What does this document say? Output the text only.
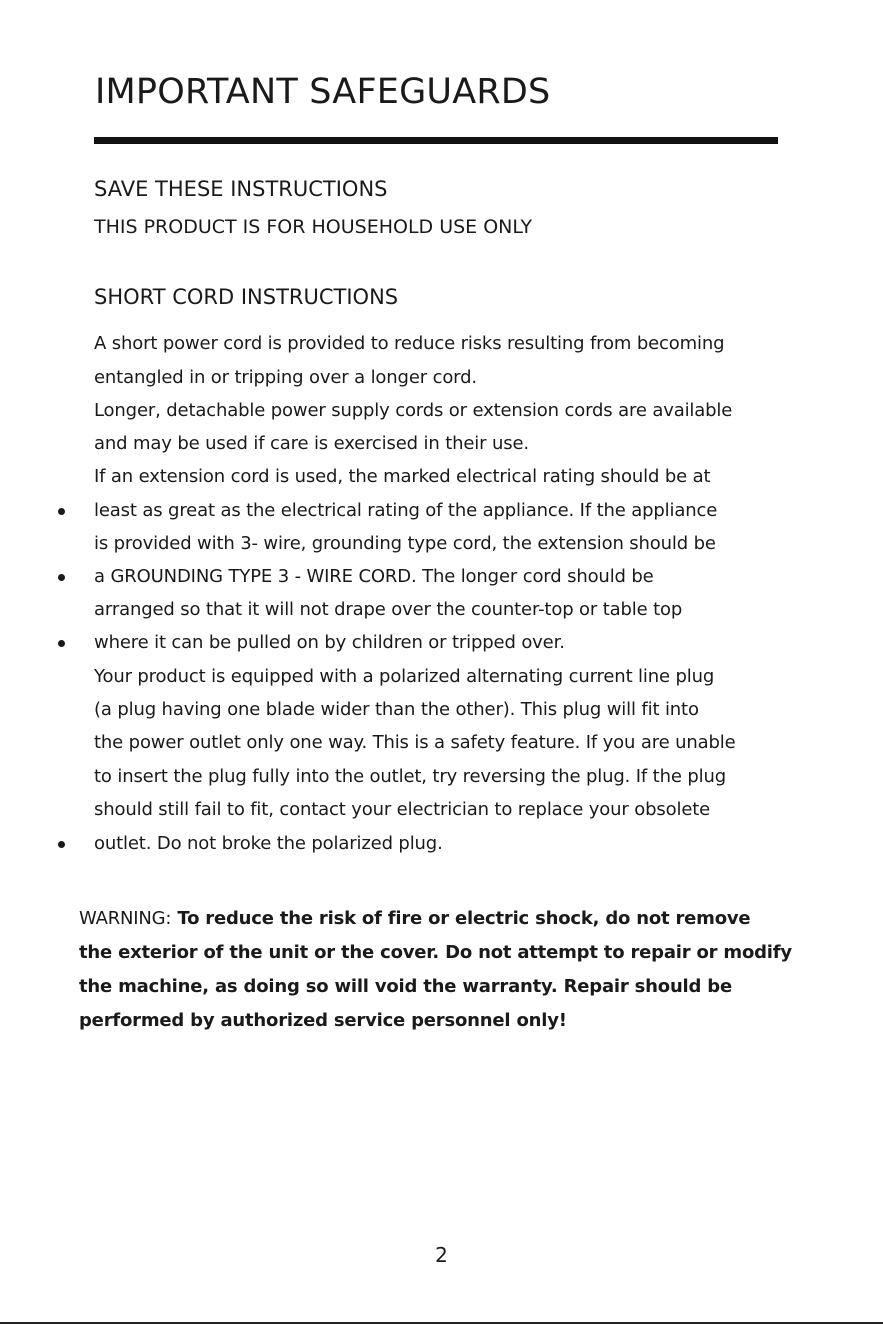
IMPORTANT SAFEGUARDS
SAVE THESE INSTRUCTIONS
THIS PRODUCT IS FOR HOUSEHOLD USE ONLY
SHORT CORD INSTRUCTIONS
A short power cord is provided to reduce risks resulting from becoming
entangled in or tripping over a longer cord.
Longer, detachable power supply cords or extension cords are available
and may be used if care is exercised in their use.
If an extension cord is used, the marked electrical rating should be at
least as great as the electrical rating of the appliance. If the appliance
is provided with 3- wire, grounding type cord, the extension should be
a GROUNDING TYPE 3 - WIRE CORD. The longer cord should be
arranged so that it will not drape over the counter-top or table top
where it can be pulled on by children or tripped over.
Your product is equipped with a polarized alternating current line plug
(a plug having one blade wider than the other). This plug will fit into
the power outlet only one way. This is a safety feature. If you are unable
to insert the plug fully into the outlet, try reversing the plug. If the plug
should still fail to fit, contact your electrician to replace your obsolete
outlet. Do not broke the polarized plug.
WARNING: To reduce the risk of fire or electric shock, do not remove
the exterior of the unit or the cover. Do not attempt to repair or modify
the machine, as doing so will void the warranty. Repair should be
performed by authorized service personnel only!
2
